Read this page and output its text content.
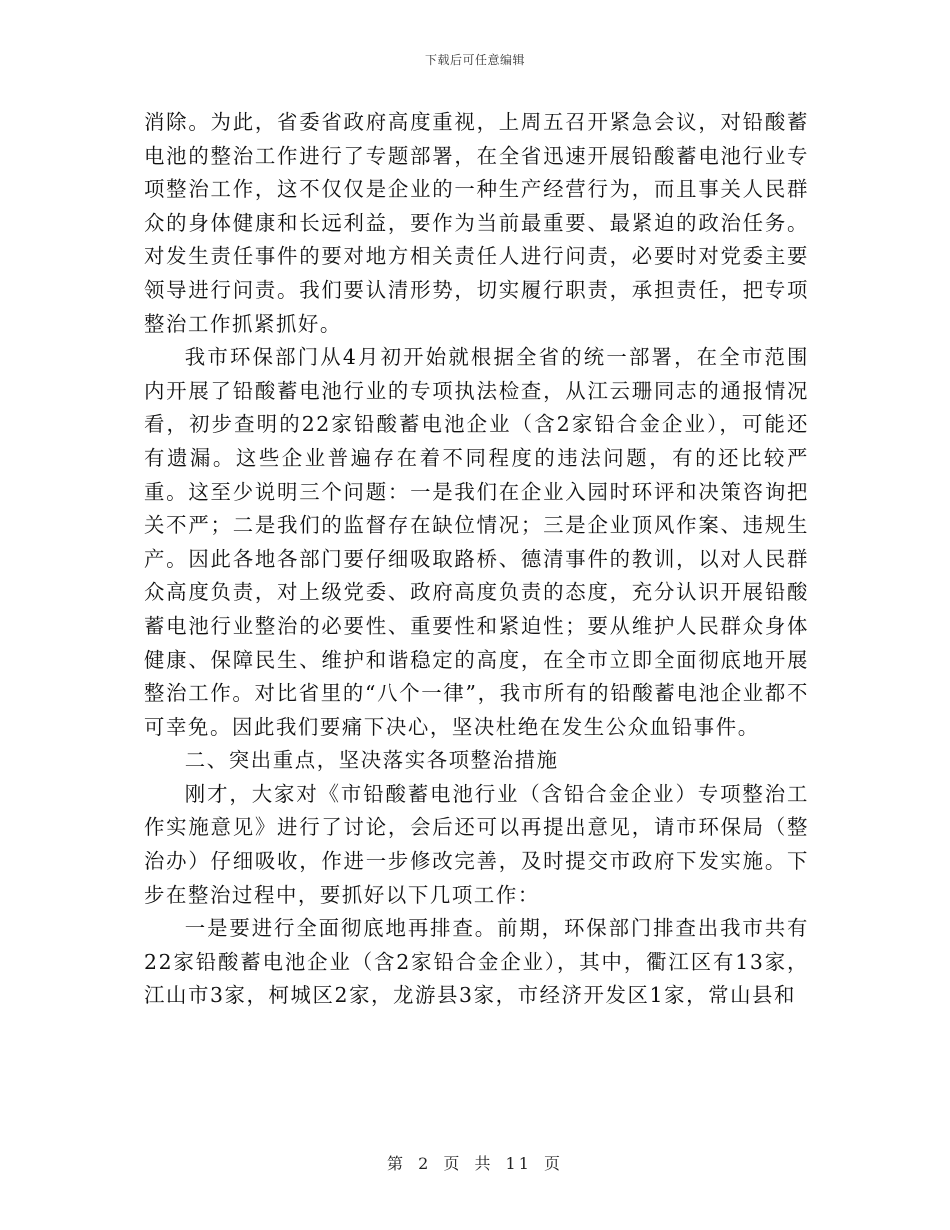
下载后可任意编辑

消除。为此，省委省政府高度重视，上周五召开紧急会议，对铅酸蓄电池的整治工作进行了专题部署，在全省迅速开展铅酸蓄电池行业专项整治工作，这不仅仅是企业的一种生产经营行为，而且事关人民群众的身体健康和长远利益，要作为当前最重要、最紧迫的政治任务。对发生责任事件的要对地方相关责任人进行问责，必要时对党委主要领导进行问责。我们要认清形势，切实履行职责，承担责任，把专项整治工作抓紧抓好。

我市环保部门从4月初开始就根据全省的统一部署，在全市范围内开展了铅酸蓄电池行业的专项执法检查，从江云珊同志的通报情况看，初步查明的22家铅酸蓄电池企业（含2家铅合金企业），可能还有遗漏。这些企业普遍存在着不同程度的违法问题，有的还比较严重。这至少说明三个问题：一是我们在企业入园时环评和决策咨询把关不严；二是我们的监督存在缺位情况；三是企业顶风作案、违规生产。因此各地各部门要仔细吸取路桥、德清事件的教训，以对人民群众高度负责，对上级党委、政府高度负责的态度，充分认识开展铅酸蓄电池行业整治的必要性、重要性和紧迫性；要从维护人民群众身体健康、保障民生、维护和谐稳定的高度，在全市立即全面彻底地开展整治工作。对比省里的“八个一律”，我市所有的铅酸蓄电池企业都不可幸免。因此我们要痛下决心，坚决杜绝在发生公众血铅事件。

二、突出重点，坚决落实各项整治措施

刚才，大家对《市铅酸蓄电池行业（含铅合金企业）专项整治工作实施意见》进行了讨论，会后还可以再提出意见，请市环保局（整治办）仔细吸收，作进一步修改完善，及时提交市政府下发实施。下步在整治过程中，要抓好以下几项工作：

一是要进行全面彻底地再排查。前期，环保部门排查出我市共有22家铅酸蓄电池企业（含2家铅合金企业），其中，衢江区有13家，江山市3家，柯城区2家，龙游县3家，市经济开发区1家，常山县和

第 2 页 共 11 页
